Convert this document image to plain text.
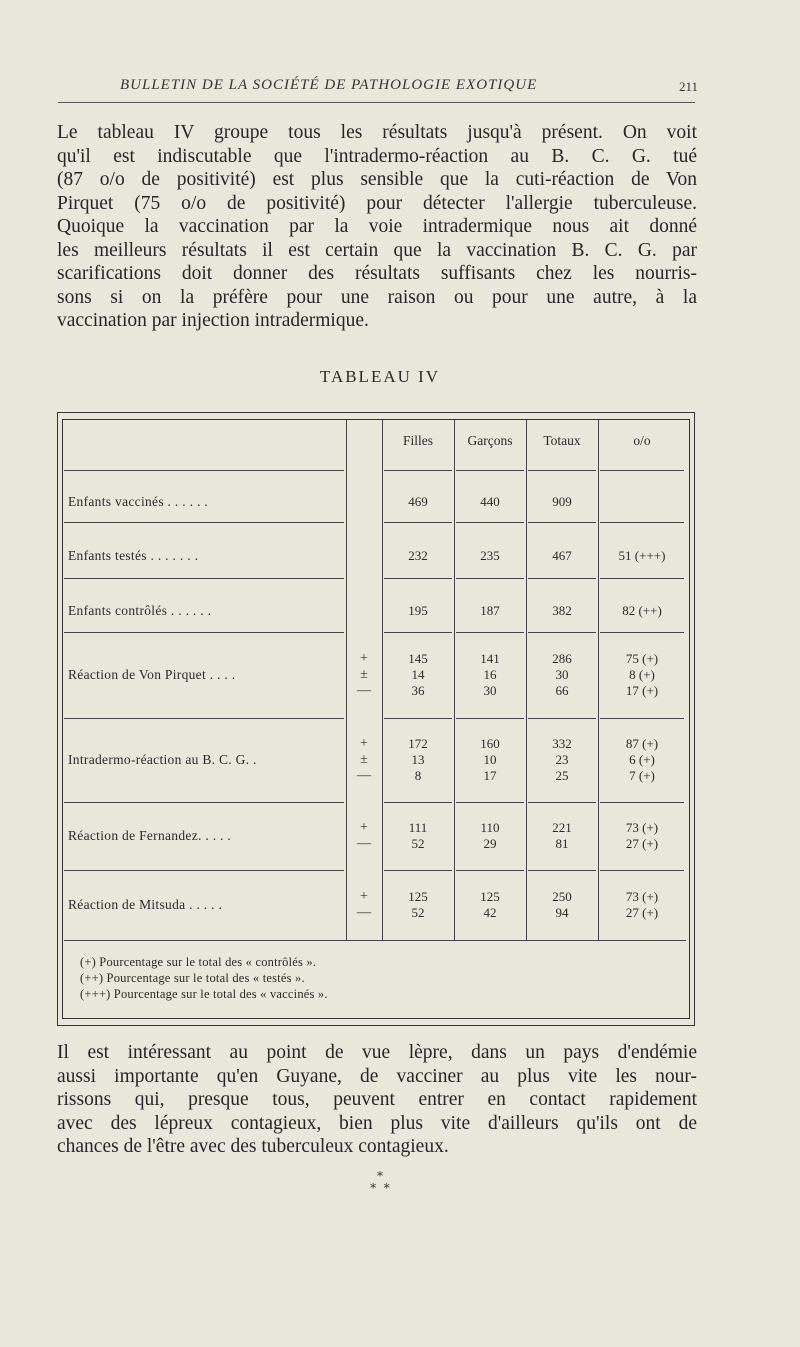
BULLETIN DE LA SOCIÉTÉ DE PATHOLOGIE EXOTIQUE	211
Le tableau IV groupe tous les résultats jusqu'à présent. On voit
qu'il est indiscutable que l'intradermo-réaction au B. C. G. tué
(87 o/o de positivité) est plus sensible que la cuti-réaction de Von
Pirquet (75 o/o de positivité) pour détecter l'allergie tuberculeuse.
Quoique la vaccination par la voie intradermique nous ait donné
les meilleurs résultats il est certain que la vaccination B. C. G. par
scarifications doit donner des résultats suffisants chez les nourris-
sons si on la préfère pour une raison ou pour une autre, à la
vaccination par injection intradermique.
TABLEAU IV
Filles	Garçons	Totaux	o/o
Enfants vaccinés . . . . . .	469	440	909
Enfants testés . . . . . . .	232	235	467	51 (+++)
Enfants contrôlés . . . . . .	195	187	382	82 (++)
Réaction de Von Pirquet . . . .
+	145	141	286	75 (+)
±	14	16	30	8 (+)
—	36	30	66	17 (+)
Intradermo-réaction au B. C. G. .
+	172	160	332	87 (+)
±	13	10	23	6 (+)
—	8	17	25	7 (+)
Réaction de Fernandez. . . . .
+	111	110	221	73 (+)
—	52	29	81	27 (+)
Réaction de Mitsuda . . . . .
+	125	125	250	73 (+)
—	52	42	94	27 (+)
(+) Pourcentage sur le total des « contrôlés ».
(++) Pourcentage sur le total des « testés ».
(+++) Pourcentage sur le total des « vaccinés ».
Il est intéressant au point de vue lèpre, dans un pays d'endémie
aussi importante qu'en Guyane, de vacciner au plus vite les nour-
rissons qui, presque tous, peuvent entrer en contact rapidement
avec des lépreux contagieux, bien plus vite d'ailleurs qu'ils ont de
chances de l'être avec des tuberculeux contagieux.
*
*  *
